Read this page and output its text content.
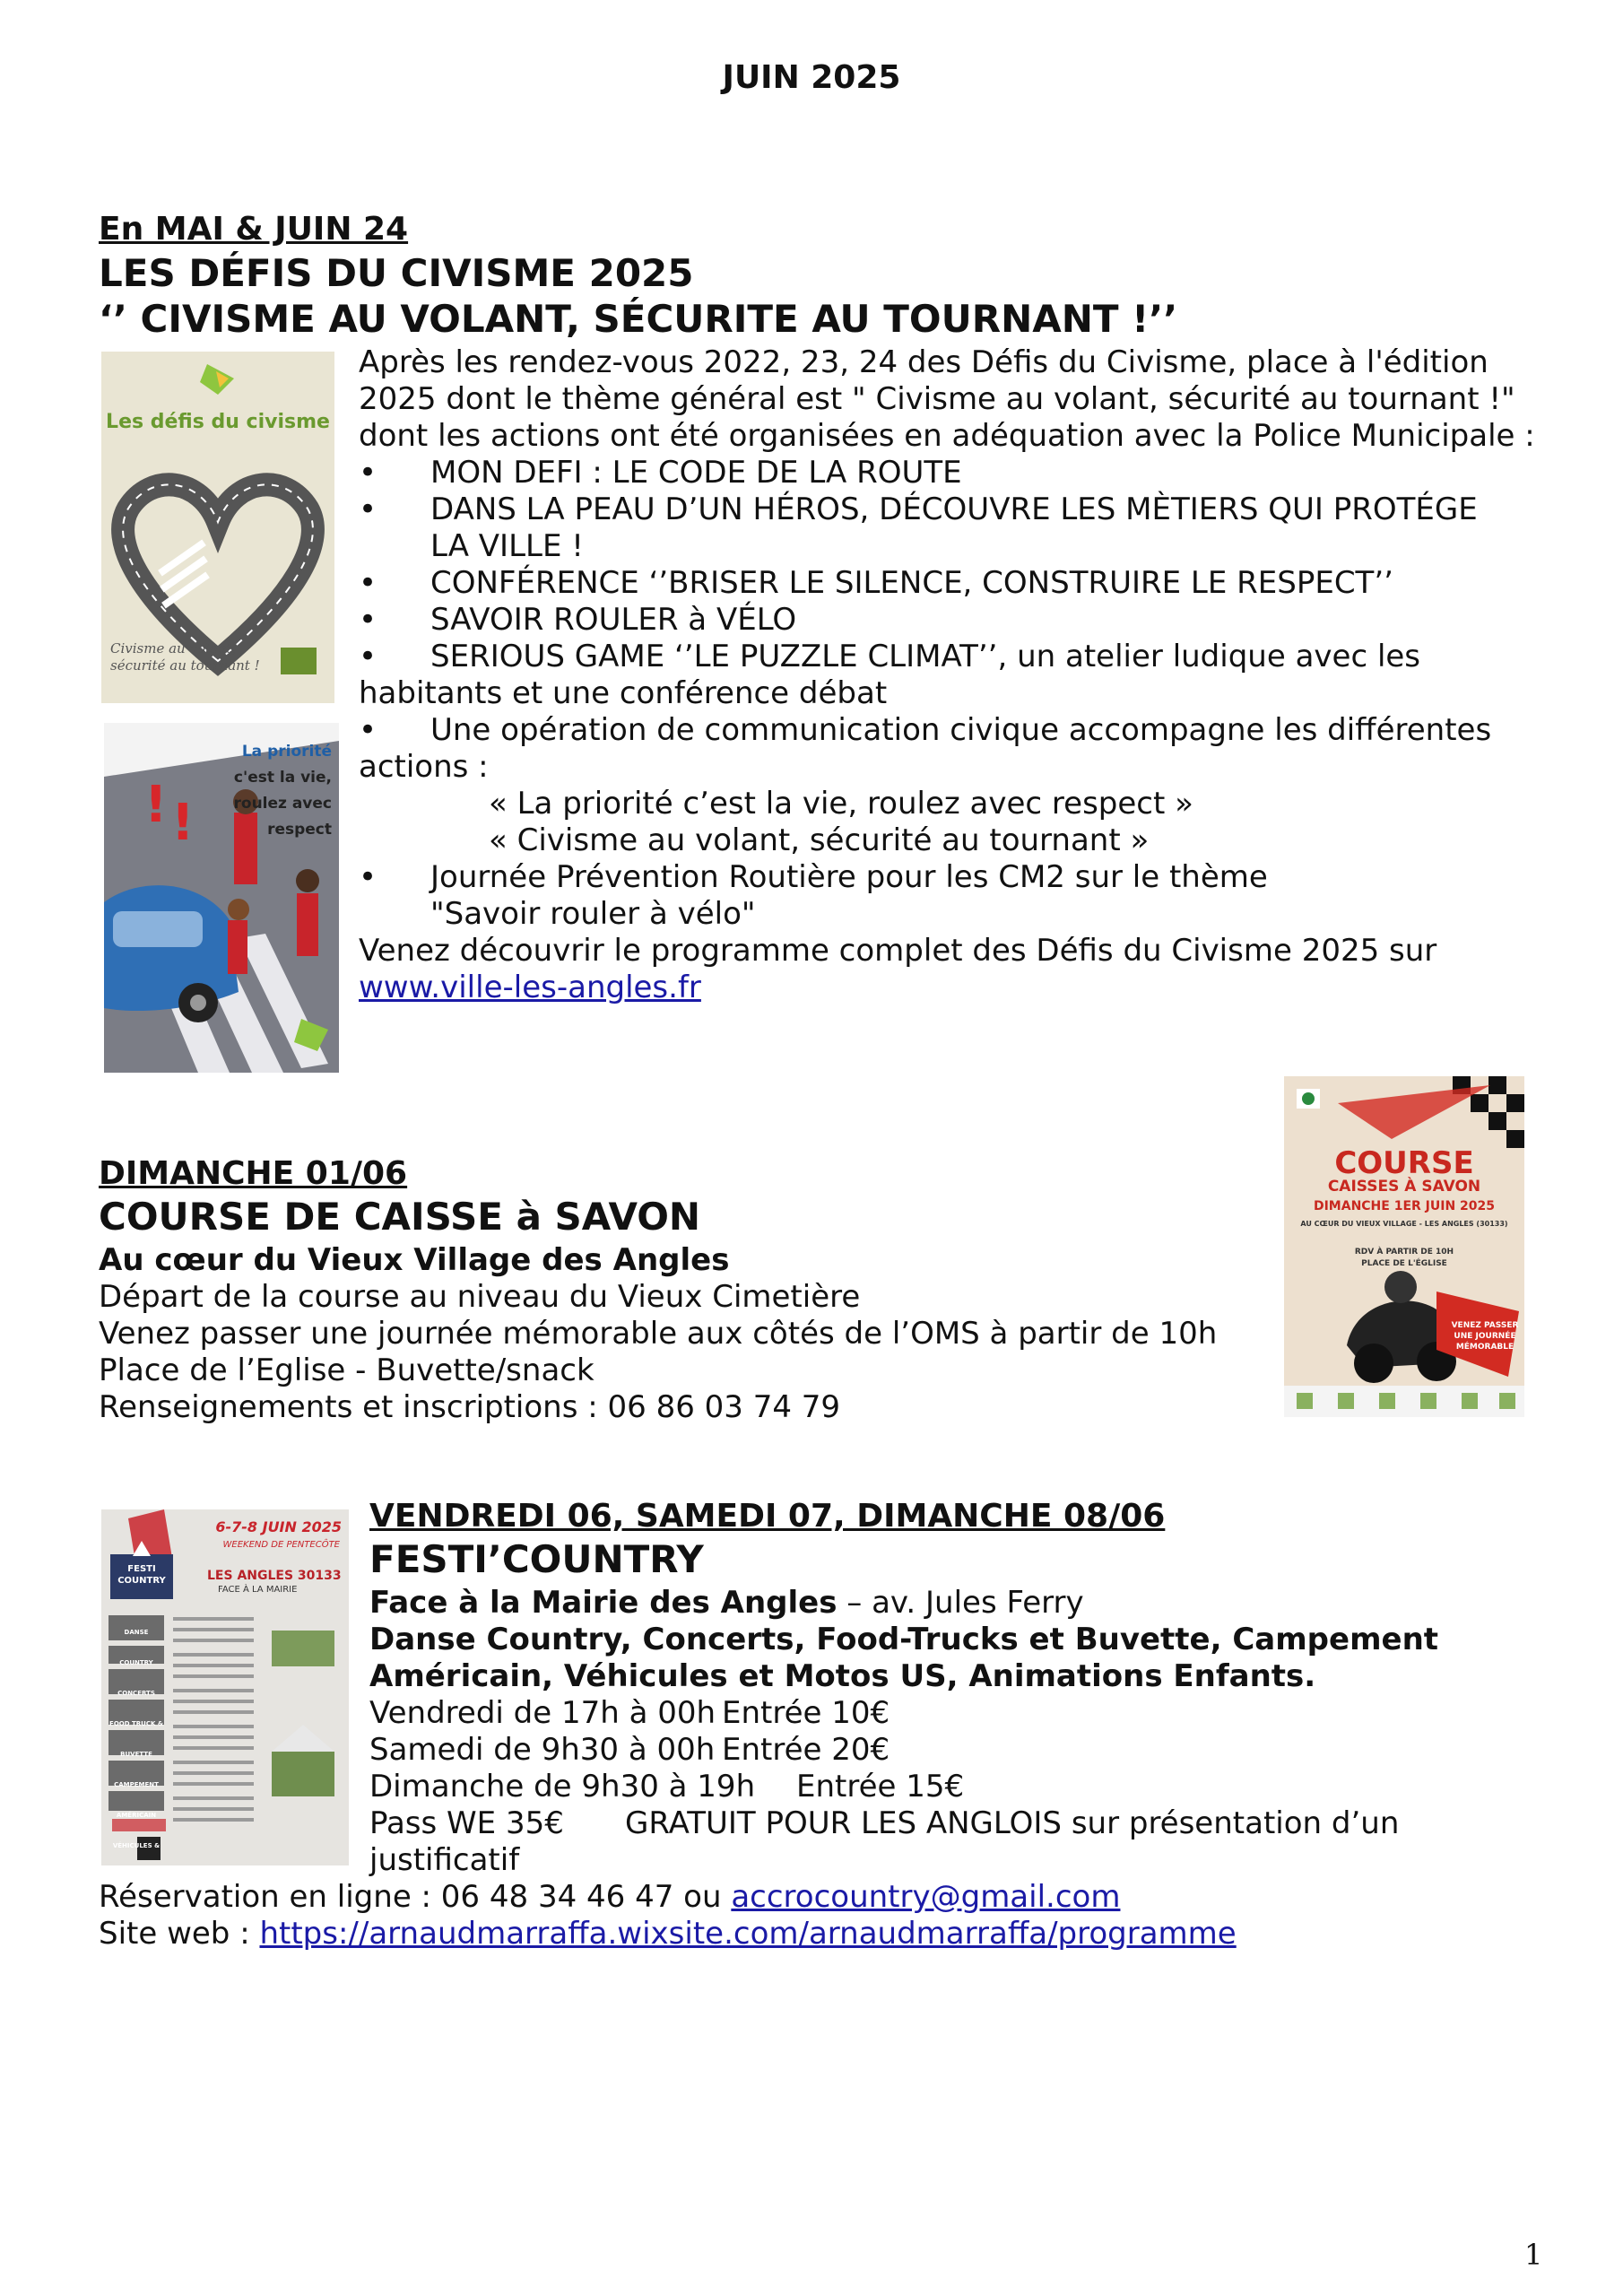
JUIN 2025
En MAI & JUIN 24
LES DÉFIS DU CIVISME 2025
‘’ CIVISME AU VOLANT, SÉCURITE AU TOURNANT !’’
Les défis du civisme
Civisme au volant,
sécurité au tournant !
! !
La priorité
c'est la vie,
roulez avec
respect
Après les rendez-vous 2022, 23, 24 des Défis du Civisme, place à l'édition
2025 dont le thème général est " Civisme au volant, sécurité au tournant !"
dont les actions ont été organisées en adéquation avec la Police Municipale :
• MON DEFI : LE CODE DE LA ROUTE
• DANS LA PEAU D’UN HÉROS, DÉCOUVRE LES MÈTIERS QUI PROTÉGE
LA VILLE !
• CONFÉRENCE ‘’BRISER LE SILENCE, CONSTRUIRE LE RESPECT’’
• SAVOIR ROULER à VÉLO
• SERIOUS GAME ‘’LE PUZZLE CLIMAT’’, un atelier ludique avec les
habitants et une conférence débat
• Une opération de communication civique accompagne les différentes
actions :
« La priorité c’est la vie, roulez avec respect »
« Civisme au volant, sécurité au tournant »
• Journée Prévention Routière pour les CM2 sur le thème
"Savoir rouler à vélo"
Venez découvrir le programme complet des Défis du Civisme 2025 sur
www.ville-les-angles.fr
COURSE
CAISSES À SAVON
DIMANCHE 1ER JUIN 2025
AU CŒUR DU VIEUX VILLAGE - LES ANGLES (30133)
RDV À PARTIR DE 10H
PLACE DE L'ÉGLISE
VENEZ PASSER
UNE JOURNÉE
MÉMORABLE
DIMANCHE 01/06
COURSE DE CAISSE à SAVON
Au cœur du Vieux Village des Angles
Départ de la course au niveau du Vieux Cimetière
Venez passer une journée mémorable aux côtés de l’OMS à partir de 10h
Place de l’Eglise - Buvette/snack
Renseignements et inscriptions : 06 86 03 74 79
6-7-8 JUIN 2025
WEEKEND DE PENTECÔTE
FESTI
COUNTRY	LES ANGLES 30133
FACE À LA MAIRIE
DANSE COUNTRY
CONCERTS
FOOD TRUCK & BUVETTE
CAMPEMENT AMÉRICAIN
VÉHICULES &
VENDREDI 06, SAMEDI 07, DIMANCHE 08/06
FESTI’COUNTRY
Face à la Mairie des Angles – av. Jules Ferry
Danse Country, Concerts, Food-Trucks et Buvette, Campement
Américain, Véhicules et Motos US, Animations Enfants.
Vendredi de 17h à 00h Entrée 10€
Samedi de 9h30 à 00h Entrée 20€
Dimanche de 9h30 à 19h Entrée 15€
Pass WE 35€ GRATUIT POUR LES ANGLOIS sur présentation d’un
justificatif
Réservation en ligne : 06 48 34 46 47 ou accrocountry@gmail.com
Site web : https://arnaudmarraffa.wixsite.com/arnaudmarraffa/programme
1
